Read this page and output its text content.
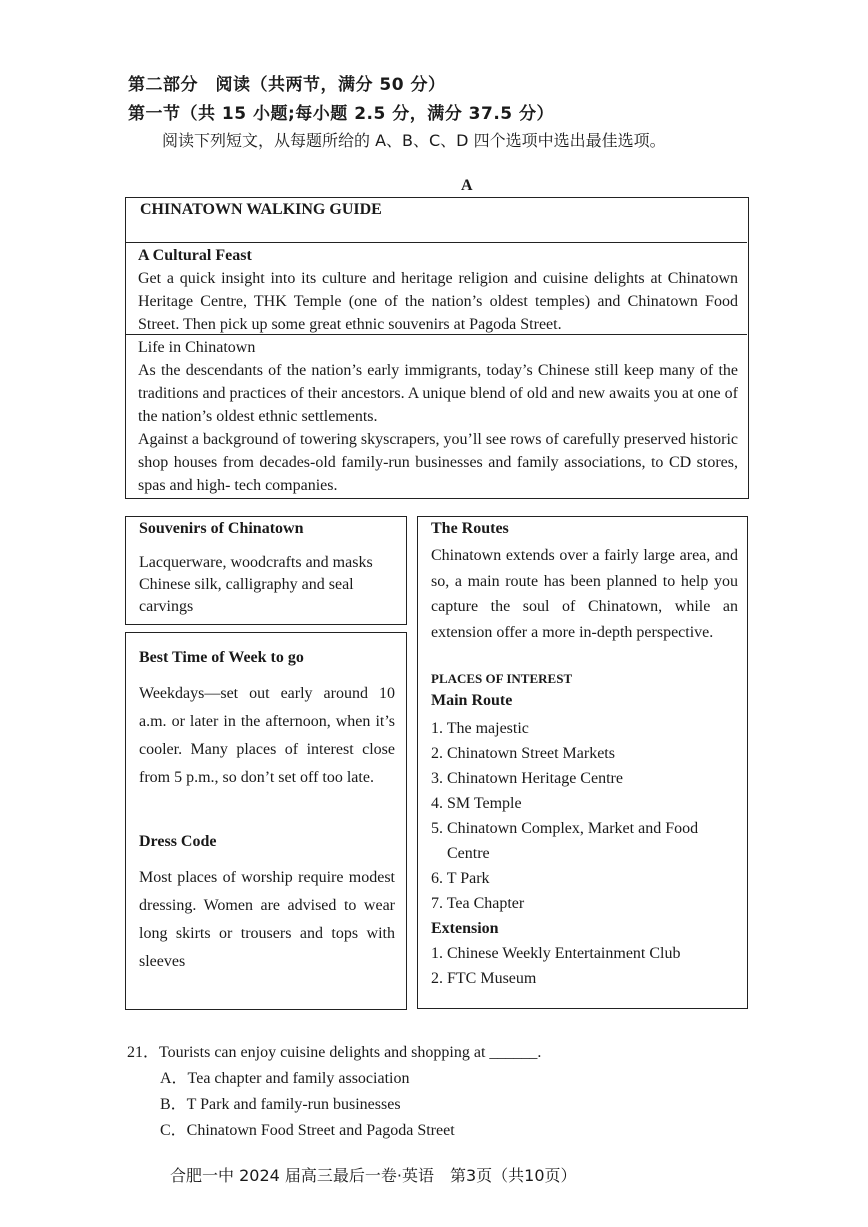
第二部分　阅读（共两节，满分 50 分）
第一节（共 15 小题;每小题 2.5 分，满分 37.5 分）
阅读下列短文，从每题所给的 A、B、C、D 四个选项中选出最佳选项。
A
CHINATOWN WALKING GUIDE
A Cultural Feast
Get a quick insight into its culture and heritage religion and cuisine delights at Chinatown Heritage Centre, THK Temple (one of the nation’s oldest temples) and Chinatown Food Street. Then pick up some great ethnic souvenirs at Pagoda Street.
Life in Chinatown
As the descendants of the nation’s early immigrants, today’s Chinese still keep many of the traditions and practices of their ancestors. A unique blend of old and new awaits you at one of the nation’s oldest ethnic settlements.
Against a background of towering skyscrapers, you’ll see rows of carefully preserved historic shop houses from decades-old family-run businesses and family associations, to CD stores, spas and high- tech companies.
Souvenirs of Chinatown
Lacquerware, woodcrafts and masks
Chinese silk, calligraphy and seal carvings
Best Time of Week to go
Weekdays—set out early around 10 a.m. or later in the afternoon, when it’s cooler. Many places of interest close from 5 p.m., so don’t set off too late.
Dress Code
Most places of worship require modest dressing. Women are advised to wear long skirts or trousers and tops with sleeves
The Routes
Chinatown extends over a fairly large area, and so, a main route has been planned to help you capture the soul of Chinatown, while an extension offer a more in-depth perspective.
PLACES OF INTEREST
Main Route
1. The majestic
2. Chinatown Street Markets
3. Chinatown Heritage Centre
4. SM Temple
5. Chinatown Complex, Market and Food Centre
6. T Park
7. Tea Chapter
Extension
1. Chinese Weekly Entertainment Club
2. FTC Museum
21．Tourists can enjoy cuisine delights and shopping at ______.
A．Tea chapter and family association
B．T Park and family-run businesses
C．Chinatown Food Street and Pagoda Street
合肥一中 2024 届高三最后一卷·英语　第3页（共10页）
